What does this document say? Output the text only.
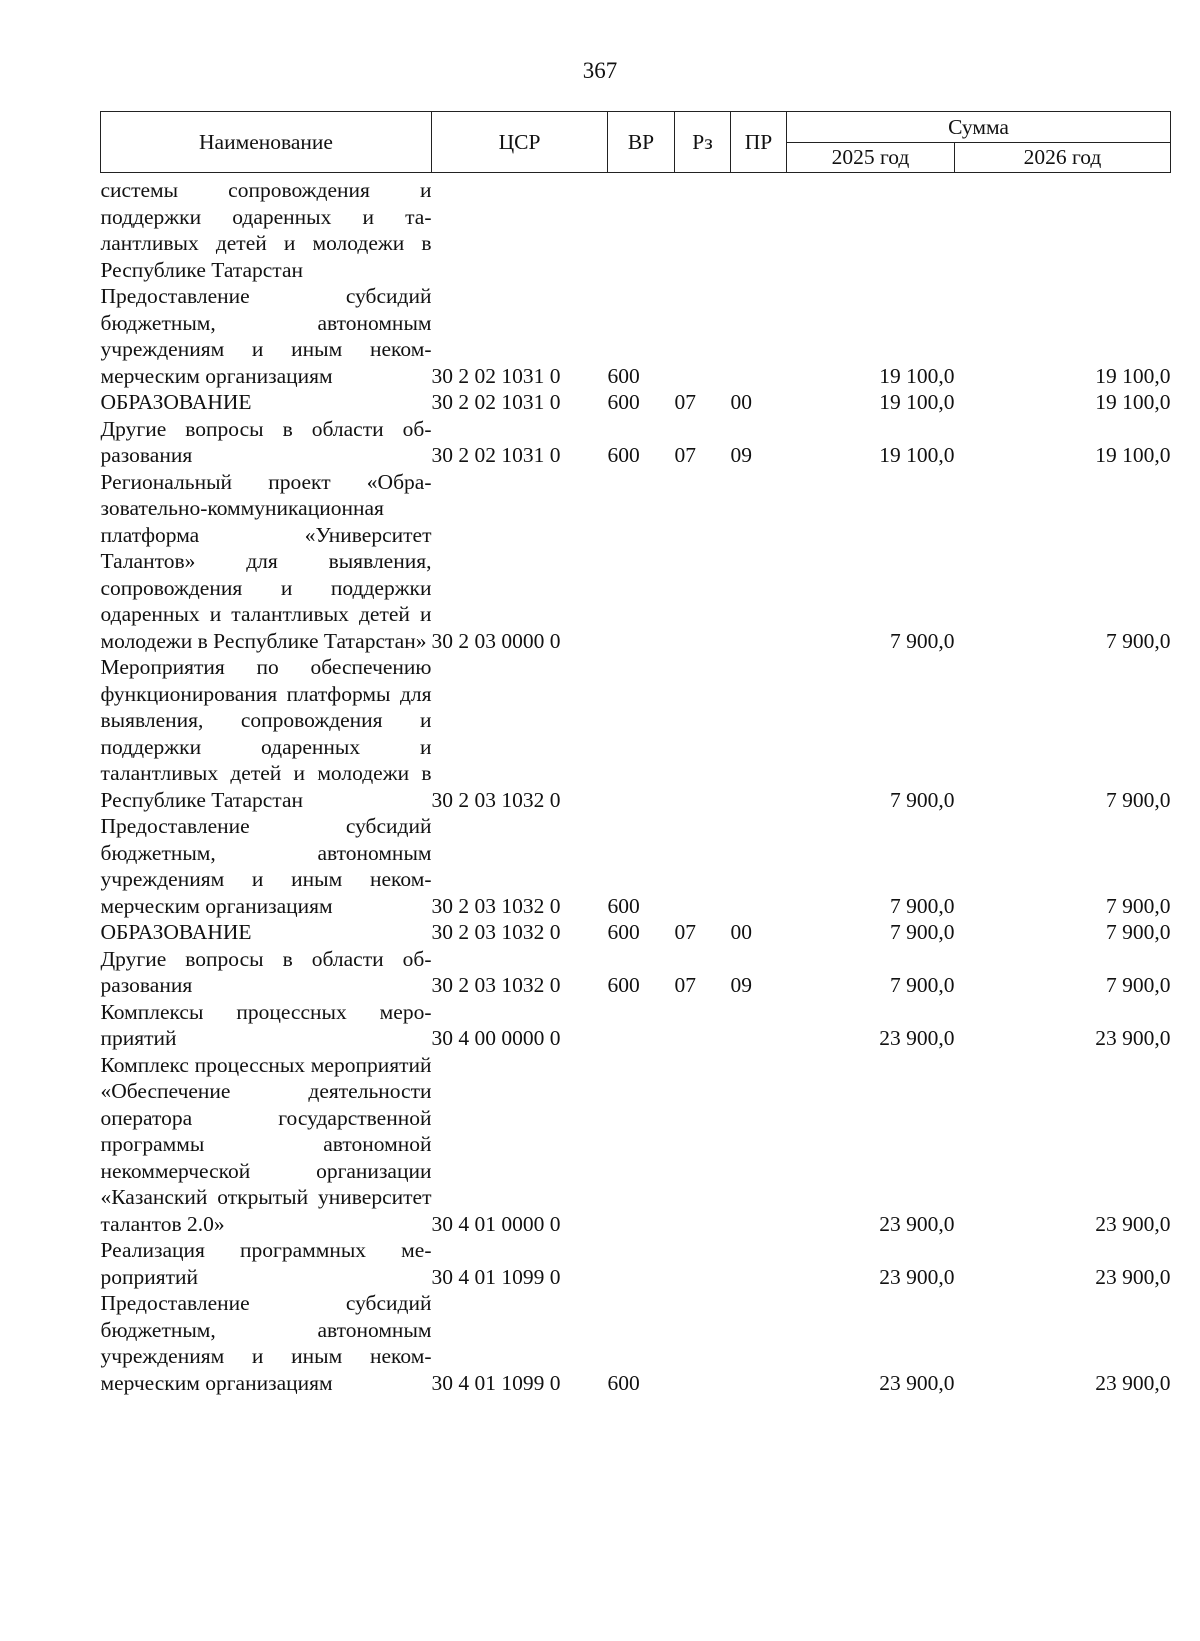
367
Наименование	ЦСР	ВР	Рз	ПР	Сумма	
					2025 год	2026 год
системы сопровождения и поддержки одаренных и талантливых детей и молодежи в Республике Татарстан						
Предоставление субсидий бюджетным, автономным учреждениям и иным некоммерческим организациям	30 2 02 1031 0	600			19 100,0	19 100,0
ОБРАЗОВАНИЕ	30 2 02 1031 0	600	07	00	19 100,0	19 100,0
Другие вопросы в области образования	30 2 02 1031 0	600	07	09	19 100,0	19 100,0
Региональный проект «Образовательно-коммуникационная платформа «Университет Талантов» для выявления, сопровождения и поддержки одаренных и талантливых детей и молодежи в Республике Татарстан»	30 2 03 0000 0				7 900,0	7 900,0
Мероприятия по обеспечению функционирования платформы для выявления, сопровождения и поддержки одаренных и талантливых детей и молодежи в Республике Татарстан	30 2 03 1032 0				7 900,0	7 900,0
Предоставление субсидий бюджетным, автономным учреждениям и иным некоммерческим организациям	30 2 03 1032 0	600			7 900,0	7 900,0
ОБРАЗОВАНИЕ	30 2 03 1032 0	600	07	00	7 900,0	7 900,0
Другие вопросы в области образования	30 2 03 1032 0	600	07	09	7 900,0	7 900,0
Комплексы процессных мероприятий	30 4 00 0000 0				23 900,0	23 900,0
Комплекс процессных мероприятий «Обеспечение деятельности оператора государственной программы автономной некоммерческой организации «Казанский открытый университет талантов 2.0»	30 4 01 0000 0				23 900,0	23 900,0
Реализация программных мероприятий	30 4 01 1099 0				23 900,0	23 900,0
Предоставление субсидий бюджетным, автономным учреждениям и иным некоммерческим организациям	30 4 01 1099 0	600			23 900,0	23 900,0
